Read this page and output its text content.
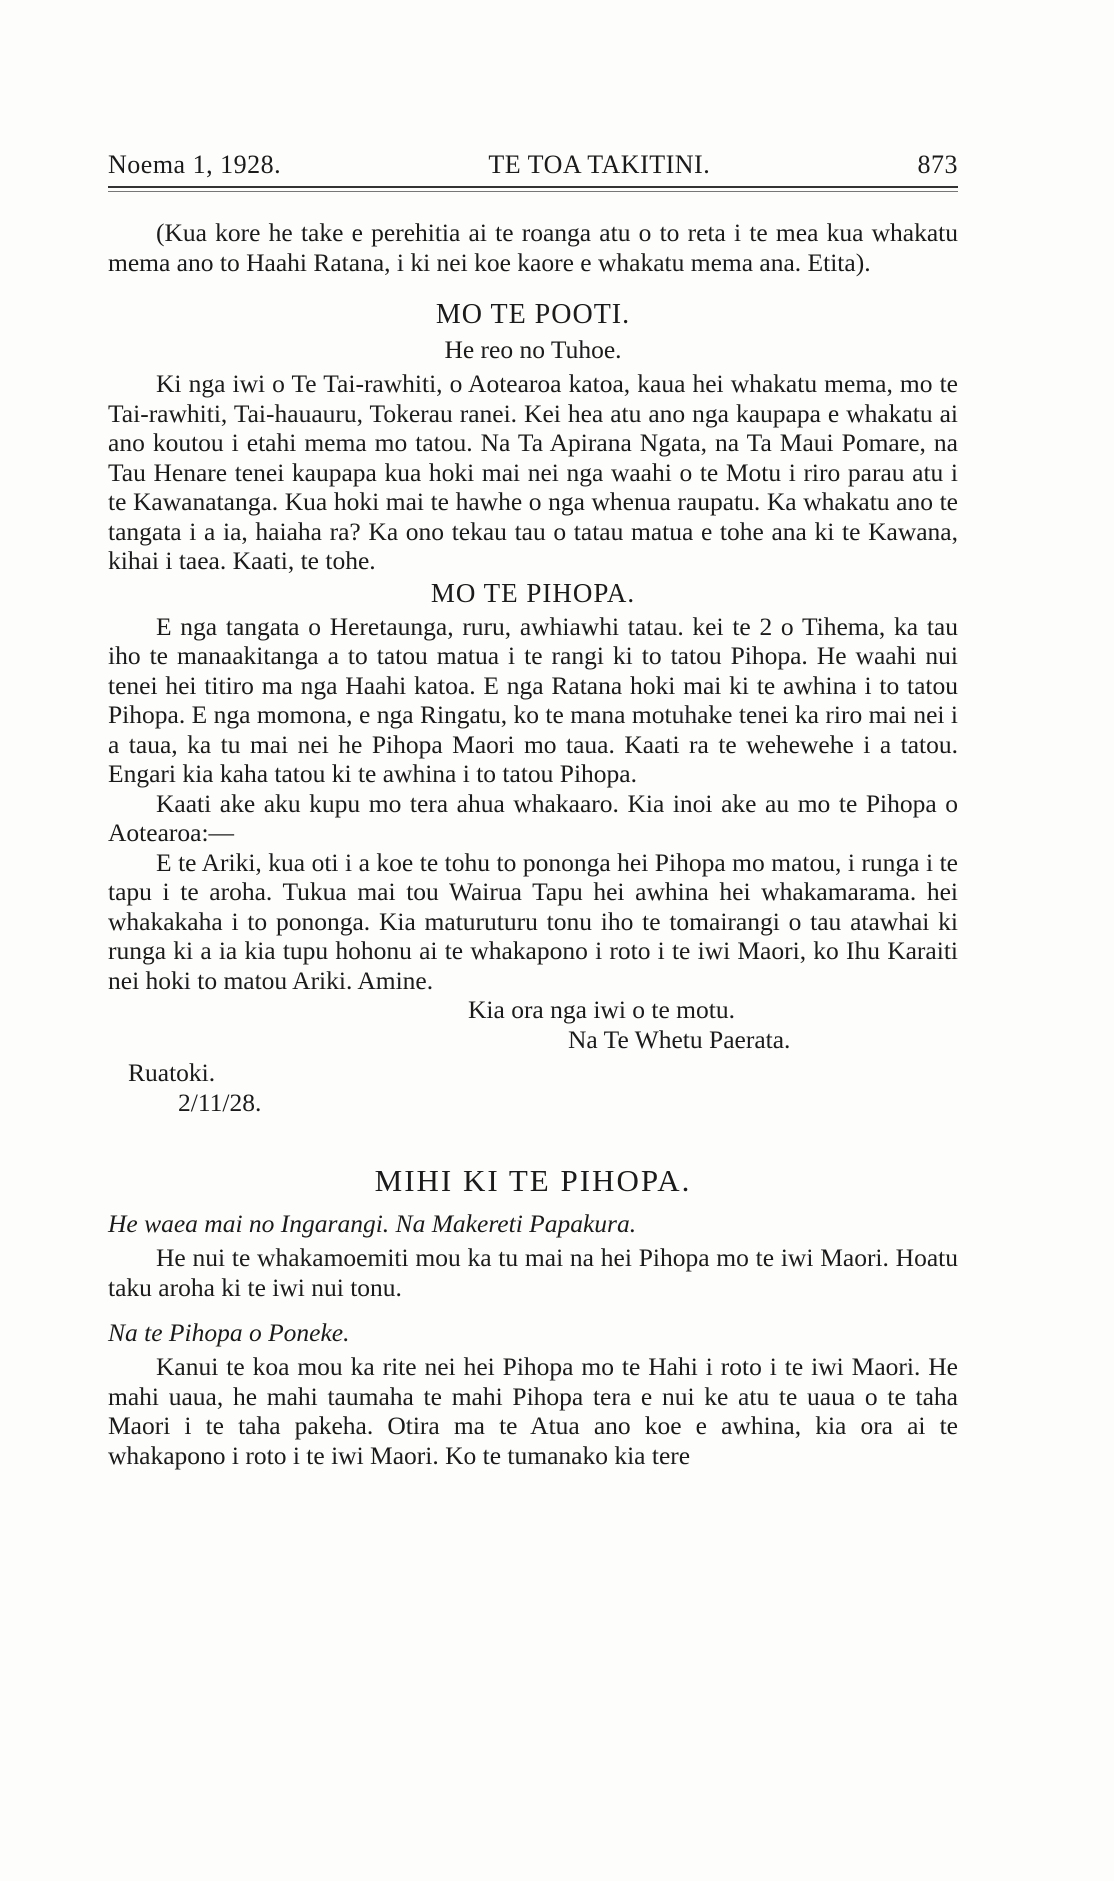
Noema 1, 1928.	TE TOA TAKITINI.	873

(Kua kore he take e perehitia ai te roanga atu o to reta i te mea kua whakatu mema ano to Haahi Ratana, i ki nei koe kaore e whakatu mema ana. Etita).

MO TE POOTI.
He reo no Tuhoe.

Ki nga iwi o Te Tai-rawhiti, o Aotearoa katoa, kaua hei whakatu mema, mo te Tai-rawhiti, Tai-hauauru, Tokerau ranei. Kei hea atu ano nga kaupapa e whakatu ai ano koutou i etahi mema mo tatou. Na Ta Apirana Ngata, na Ta Maui Pomare, na Tau Henare tenei kaupapa kua hoki mai nei nga waahi o te Motu i riro parau atu i te Kawanatanga. Kua hoki mai te hawhe o nga whenua raupatu. Ka whakatu ano te tangata i a ia, haiaha ra? Ka ono tekau tau o tatau matua e tohe ana ki te Kawana, kihai i taea. Kaati, te tohe.

MO TE PIHOPA.

E nga tangata o Heretaunga, ruru, awhiawhi tatau. kei te 2 o Tihema, ka tau iho te manaakitanga a to tatou matua i te rangi ki to tatou Pihopa. He waahi nui tenei hei titiro ma nga Haahi katoa. E nga Ratana hoki mai ki te awhina i to tatou Pihopa. E nga momona, e nga Ringatu, ko te mana motuhake tenei ka riro mai nei i a taua, ka tu mai nei he Pihopa Maori mo taua. Kaati ra te wehewehe i a tatou. Engari kia kaha tatou ki te awhina i to tatou Pihopa.

Kaati ake aku kupu mo tera ahua whakaaro. Kia inoi ake au mo te Pihopa o Aotearoa:—

E te Ariki, kua oti i a koe te tohu to pononga hei Pihopa mo matou, i runga i te tapu i te aroha. Tukua mai tou Wairua Tapu hei awhina hei whakamarama. hei whakakaha i to pononga. Kia maturuturu tonu iho te tomairangi o tau atawhai ki runga ki a ia kia tupu hohonu ai te whakapono i roto i te iwi Maori, ko Ihu Karaiti nei hoki to matou Ariki. Amine.

Kia ora nga iwi o te motu.

Na Te Whetu Paerata.

Ruatoki.

2/11/28.

MIHI KI TE PIHOPA.

He waea mai no Ingarangi. Na Makereti Papakura.

He nui te whakamoemiti mou ka tu mai na hei Pihopa mo te iwi Maori. Hoatu taku aroha ki te iwi nui tonu.

Na te Pihopa o Poneke.

Kanui te koa mou ka rite nei hei Pihopa mo te Hahi i roto i te iwi Maori. He mahi uaua, he mahi taumaha te mahi Pihopa tera e nui ke atu te uaua o te taha Maori i te taha pakeha. Otira ma te Atua ano koe e awhina, kia ora ai te whakapono i roto i te iwi Maori. Ko te tumanako kia tere
